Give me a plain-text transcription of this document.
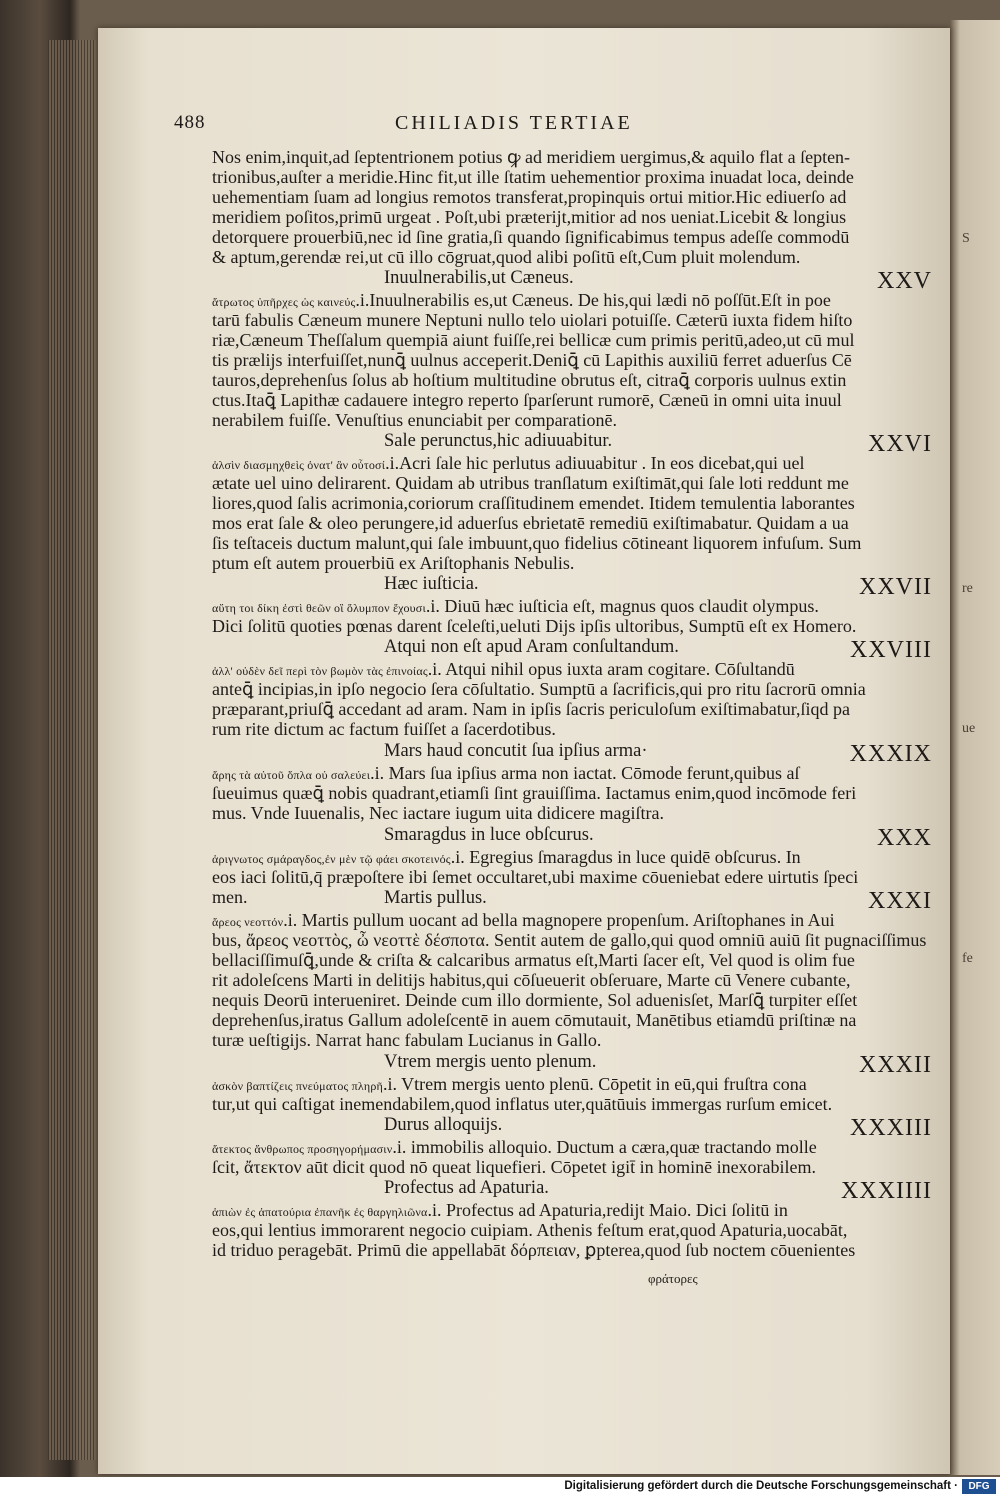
S
re
ue
fe
488	CHILIADIS TERTIAE
Nos enim,inquit,ad ſeptentrionem potius ꝙ ad meridiem uergimus,& aquilo flat a ſepten-
trionibus,auſter a meridie.Hinc fit,ut ille ſtatim uehementior proxima inuadat loca, deinde
uehementiam ſuam ad longius remotos transferat,propinquis ortui mitior.Hic ediuerſo ad
meridiem poſitos,primū urgeat . Poſt,ubi præterijt,mitior ad nos ueniat.Licebit & longius
detorquere prouerbiū,nec id ſine gratia,ſi quando ſignificabimus tempus adeſſe commodū
& aptum,gerendæ rei,ut cū illo cōgruat,quod alibi poſitū eſt,Cum pluit molendum.
Inuulnerabilis,ut Cæneus.	XXV
ἄτρωτος ὑπῆρχες ὡς καινεύς.i.Inuulnerabilis es,ut Cæneus. De his,qui lædi nō poſſūt.Eſt in poe
tarū fabulis Cæneum munere Neptuni nullo telo uiolari potuiſſe. Cæterū iuxta fidem hiſto
riæ,Cæneum Theſſalum quempiā aiunt fuiſſe,rei bellicæ cum primis peritū,adeo,ut cū mul
tis prælijs interfuiſſet,nunꝗ̄ uulnus acceperit.Deniꝗ̄ cū Lapithis auxiliū ferret aduerſus Cē
tauros,deprehenſus ſolus ab hoſtium multitudine obrutus eſt, citraꝗ̄ corporis uulnus extin
ctus.Itaꝗ̄ Lapithæ cadauere integro reperto ſparſerunt rumorē, Cæneū in omni uita inuul
nerabilem fuiſſe. Venuſtius enunciabit per comparationē.
Sale perunctus,hic adiuuabitur.	XXVI
ἁλσὶν διασμηχθεὶς ὀνατ' ἂν οὗτοσί.i.Acri ſale hic perlutus adiuuabitur . In eos dicebat,qui uel
ætate uel uino delirarent. Quidam ab utribus tranſlatum exiſtimāt,qui ſale loti reddunt me
liores,quod ſalis acrimonia,coriorum craſſitudinem emendet. Itidem temulentia laborantes
mos erat ſale & oleo perungere,id aduerſus ebrietatē remediū exiſtimabatur. Quidam a ua
ſis teſtaceis ductum malunt,qui ſale imbuunt,quo fidelius cōtineant liquorem infuſum. Sum
ptum eſt autem prouerbiū ex Ariſtophanis Nebulis.
Hæc iuſticia.	XXVII
αὕτη τοι δίκη ἐστὶ θεῶν οἳ ὄλυμπον ἔχουσι.i. Diuū hæc iuſticia eſt, magnus quos claudit olympus.
Dici ſolitū quoties pœnas darent ſceleſti,ueluti Dijs ipſis ultoribus, Sumptū eſt ex Homero.
Atqui non eſt apud Aram conſultandum.	XXVIII
ἀλλ' οὐδὲν δεῖ περὶ τὸν βωμὸν τὰς ἐπινοίας.i. Atqui nihil opus iuxta aram cogitare. Cōſultandū
anteꝗ̄ incipias,in ipſo negocio ſera cōſultatio. Sumptū a ſacrificis,qui pro ritu ſacrorū omnia
præparant,priuſꝗ̄ accedant ad aram. Nam in ipſis ſacris periculoſum exiſtimabatur,ſiqd pa
rum rite dictum ac factum fuiſſet a ſacerdotibus.
Mars haud concutit ſua ipſius arma·	XXXIX
ἄρης τὰ αὐτοῦ ὅπλα οὐ σαλεύει.i. Mars ſua ipſius arma non iactat. Cōmode ferunt,quibus aſ
ſueuimus quæꝗ̄ nobis quadrant,etiamſi ſint grauiſſima. Iactamus enim,quod incōmode feri
mus. Vnde Iuuenalis, Nec iactare iugum uita didicere magiſtra.
Smaragdus in luce obſcurus.	XXX
ἀριγνωτος σμάραγδος,ἐν μὲν τῷ φάει σκοτεινός.i. Egregius ſmaragdus in luce quidē obſcurus. In
eos iaci ſolitū,q̄ præpoſtere ibi ſemet occultaret,ubi maxime cōueniebat edere uirtutis ſpeci
men.	Martis pullus.	XXXI
ἄρεος νεοττόν.i. Martis pullum uocant ad bella magnopere propenſum. Ariſtophanes in Aui
bus, ἄρεος νεοττὸς, ὦ νεοττὲ δέσποτα. Sentit autem de gallo,qui quod omniū auiū ſit pugnaciſſimus
bellaciſſimuſꝗ̄,unde & criſta & calcaribus armatus eſt,Marti ſacer eſt, Vel quod is olim fue
rit adoleſcens Marti in delitijs habitus,qui cōſueuerit obſeruare, Marte cū Venere cubante,
nequis Deorū interueniret. Deinde cum illo dormiente, Sol aduenisſet, Marſꝗ̄ turpiter eſſet
deprehenſus,iratus Gallum adoleſcentē in auem cōmutauit, Manētibus etiamdū priſtinæ na
turæ ueſtigijs. Narrat hanc fabulam Lucianus in Gallo.
Vtrem mergis uento plenum.	XXXII
ἀσκὸν βαπτίζεις πνεύματος πληρῆ.i. Vtrem mergis uento plenū. Cōpetit in eū,qui fruſtra cona
tur,ut qui caſtigat inemendabilem,quod inflatus uter,quātūuis immergas rurſum emicet.
Durus alloquijs.	XXXIII
ἄτεκτος ἄνθρωπος προσηγορήμασιν.i. immobilis alloquio. Ductum a cæra,quæ tractando molle
ſcit, ἄτεκτον aūt dicit quod nō queat liquefieri. Cōpetet igit̄ in hominē inexorabilem.
Profectus ad Apaturia.	XXXIIII
ἀπιὼν ἐς ἀπατούρια ἐπανῆκ ἐς θαργηλιῶνα.i. Profectus ad Apaturia,redijt Maio. Dici ſolitū in
eos,qui lentius immorarent negocio cuipiam. Athenis feſtum erat,quod Apaturia,uocabāt,
id triduo peragebāt. Primū die appellabāt δόρπειαν, ꝑpterea,quod ſub noctem cōuenientes
φράτορες
Digitalisierung gefördert durch die Deutsche Forschungsgemeinschaft ·	DFG
